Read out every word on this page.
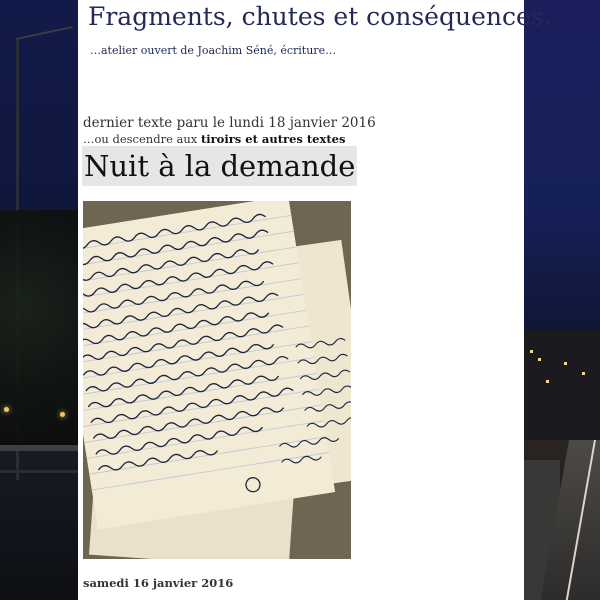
Fragments, chutes et conséquences.
…atelier ouvert de Joachim Séné, écriture…
dernier texte paru le lundi 18 janvier 2016
…ou descendre aux tiroirs et autres textes
Nuit à la demande
samedi 16 janvier 2016
